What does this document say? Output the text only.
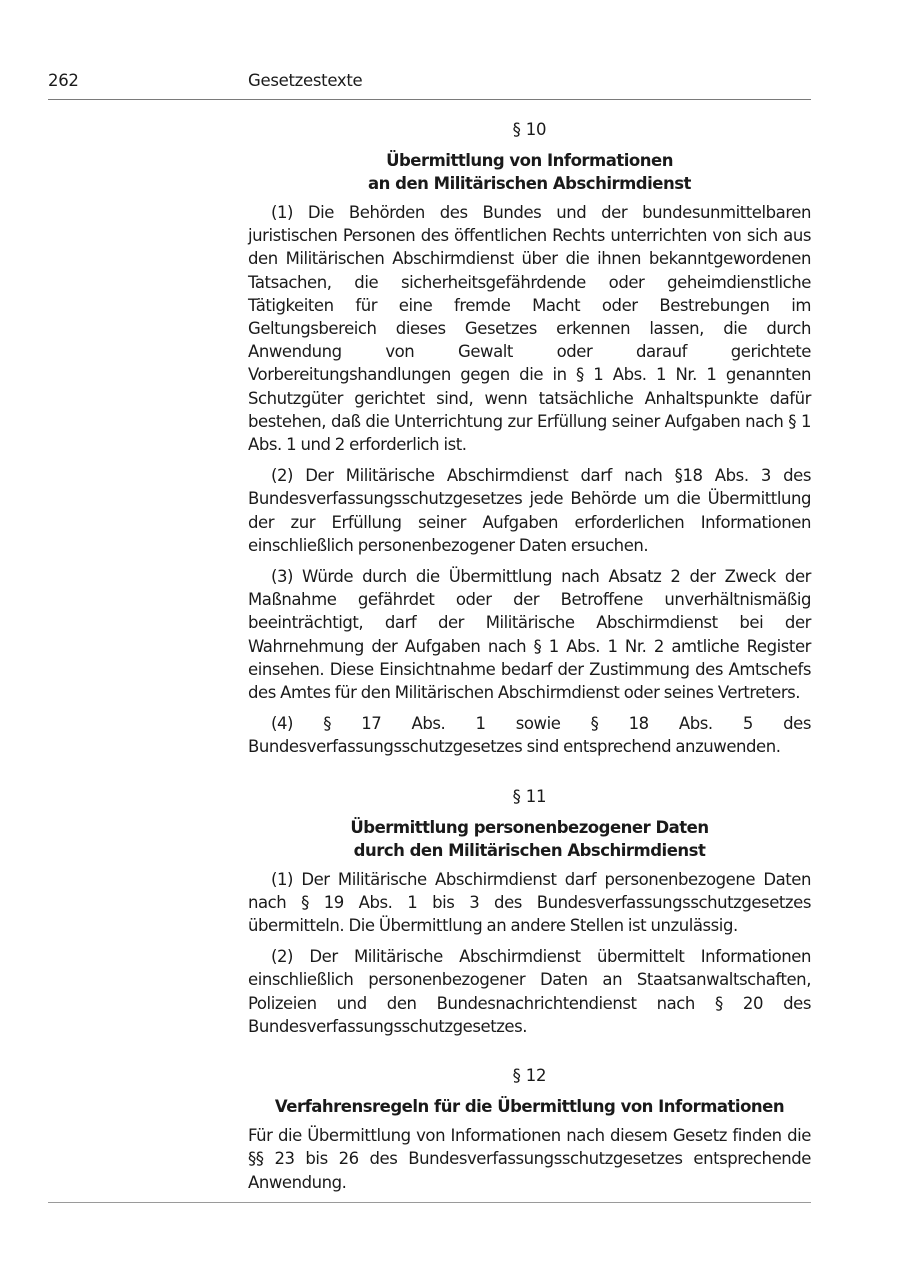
262	Gesetzestexte
§ 10
Übermittlung von Informationen
an den Militärischen Abschirmdienst

(1) Die Behörden des Bundes und der bundesunmittelbaren juristischen Personen des öffentlichen Rechts unterrichten von sich aus den Militärischen Abschirmdienst über die ihnen bekanntgewordenen Tatsachen, die sicherheitsgefährdende oder geheimdienstliche Tätigkeiten für eine fremde Macht oder Bestrebungen im Geltungsbereich dieses Gesetzes erkennen lassen, die durch Anwendung von Gewalt oder darauf gerichtete Vorbereitungshandlungen gegen die in § 1 Abs. 1 Nr. 1 genannten Schutzgüter gerichtet sind, wenn tatsächliche Anhaltspunkte dafür bestehen, daß die Unterrichtung zur Erfüllung seiner Aufgaben nach § 1 Abs. 1 und 2 erforderlich ist.

(2) Der Militärische Abschirmdienst darf nach §18 Abs. 3 des Bundesverfassungsschutzgesetzes jede Behörde um die Übermittlung der zur Erfüllung seiner Aufgaben erforderlichen Informationen einschließlich personenbezogener Daten ersuchen.

(3) Würde durch die Übermittlung nach Absatz 2 der Zweck der Maßnahme gefährdet oder der Betroffene unverhältnismäßig beeinträchtigt, darf der Militärische Abschirmdienst bei der Wahrnehmung der Aufgaben nach § 1 Abs. 1 Nr. 2 amtliche Register einsehen. Diese Einsichtnahme bedarf der Zustimmung des Amtschefs des Amtes für den Militärischen Abschirmdienst oder seines Vertreters.

(4) § 17 Abs. 1 sowie § 18 Abs. 5 des Bundesverfassungsschutzgesetzes sind entsprechend anzuwenden.

§ 11
Übermittlung personenbezogener Daten
durch den Militärischen Abschirmdienst

(1) Der Militärische Abschirmdienst darf personenbezogene Daten nach § 19 Abs. 1 bis 3 des Bundesverfassungsschutzgesetzes übermitteln. Die Übermittlung an andere Stellen ist unzulässig.

(2) Der Militärische Abschirmdienst übermittelt Informationen einschließlich personenbezogener Daten an Staatsanwaltschaften, Polizeien und den Bundesnachrichtendienst nach § 20 des Bundesverfassungsschutzgesetzes.

§ 12
Verfahrensregeln für die Übermittlung von Informationen

Für die Übermittlung von Informationen nach diesem Gesetz finden die §§ 23 bis 26 des Bundesverfassungsschutzgesetzes entsprechende Anwendung.
